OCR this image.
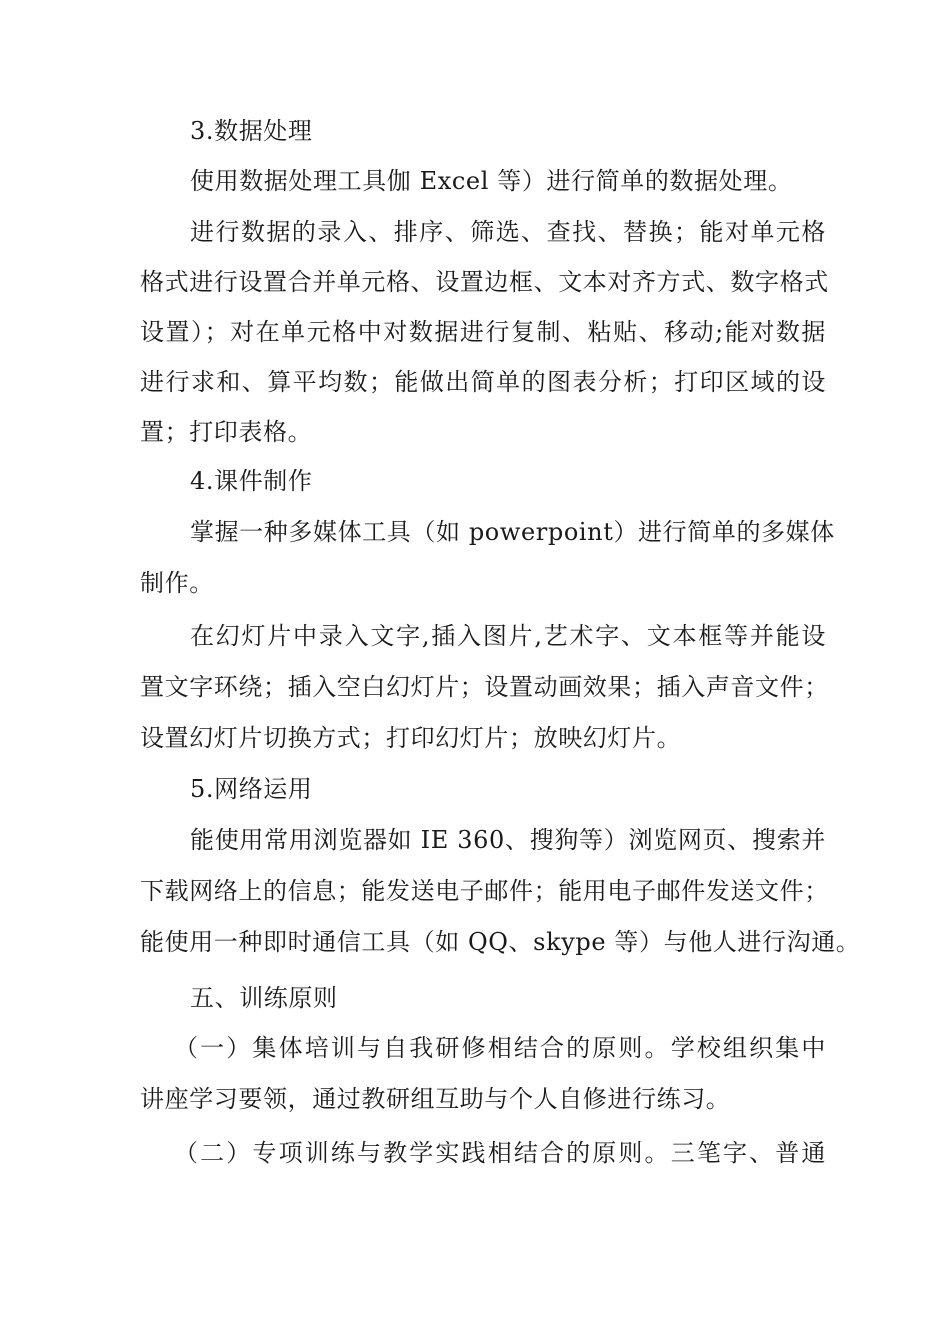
3.数据处理
使用数据处理工具伽 Excel 等）进行简单的数据处理。
进行数据的录入、排序、筛选、查找、替换；能对单元格
格式进行设置合并单元格、设置边框、文本对齐方式、数字格式
设置）；对在单元格中对数据进行复制、粘贴、移动;能对数据
进行求和、算平均数；能做出简单的图表分析；打印区域的设
置；打印表格。
4.课件制作
掌握一种多媒体工具（如 powerpoint）进行简单的多媒体
制作。
在幻灯片中录入文字,插入图片,艺术字、文本框等并能设
置文字环绕；插入空白幻灯片；设置动画效果；插入声音文件；
设置幻灯片切换方式；打印幻灯片；放映幻灯片。
5.网络运用
能使用常用浏览器如 IE 360、搜狗等）浏览网页、搜索并
下载网络上的信息；能发送电子邮件；能用电子邮件发送文件；
能使用一种即时通信工具（如 QQ、skype 等）与他人进行沟通。
五、训练原则
（一）集体培训与自我研修相结合的原则。学校组织集中
讲座学习要领，通过教研组互助与个人自修进行练习。
（二）专项训练与教学实践相结合的原则。三笔字、普通
